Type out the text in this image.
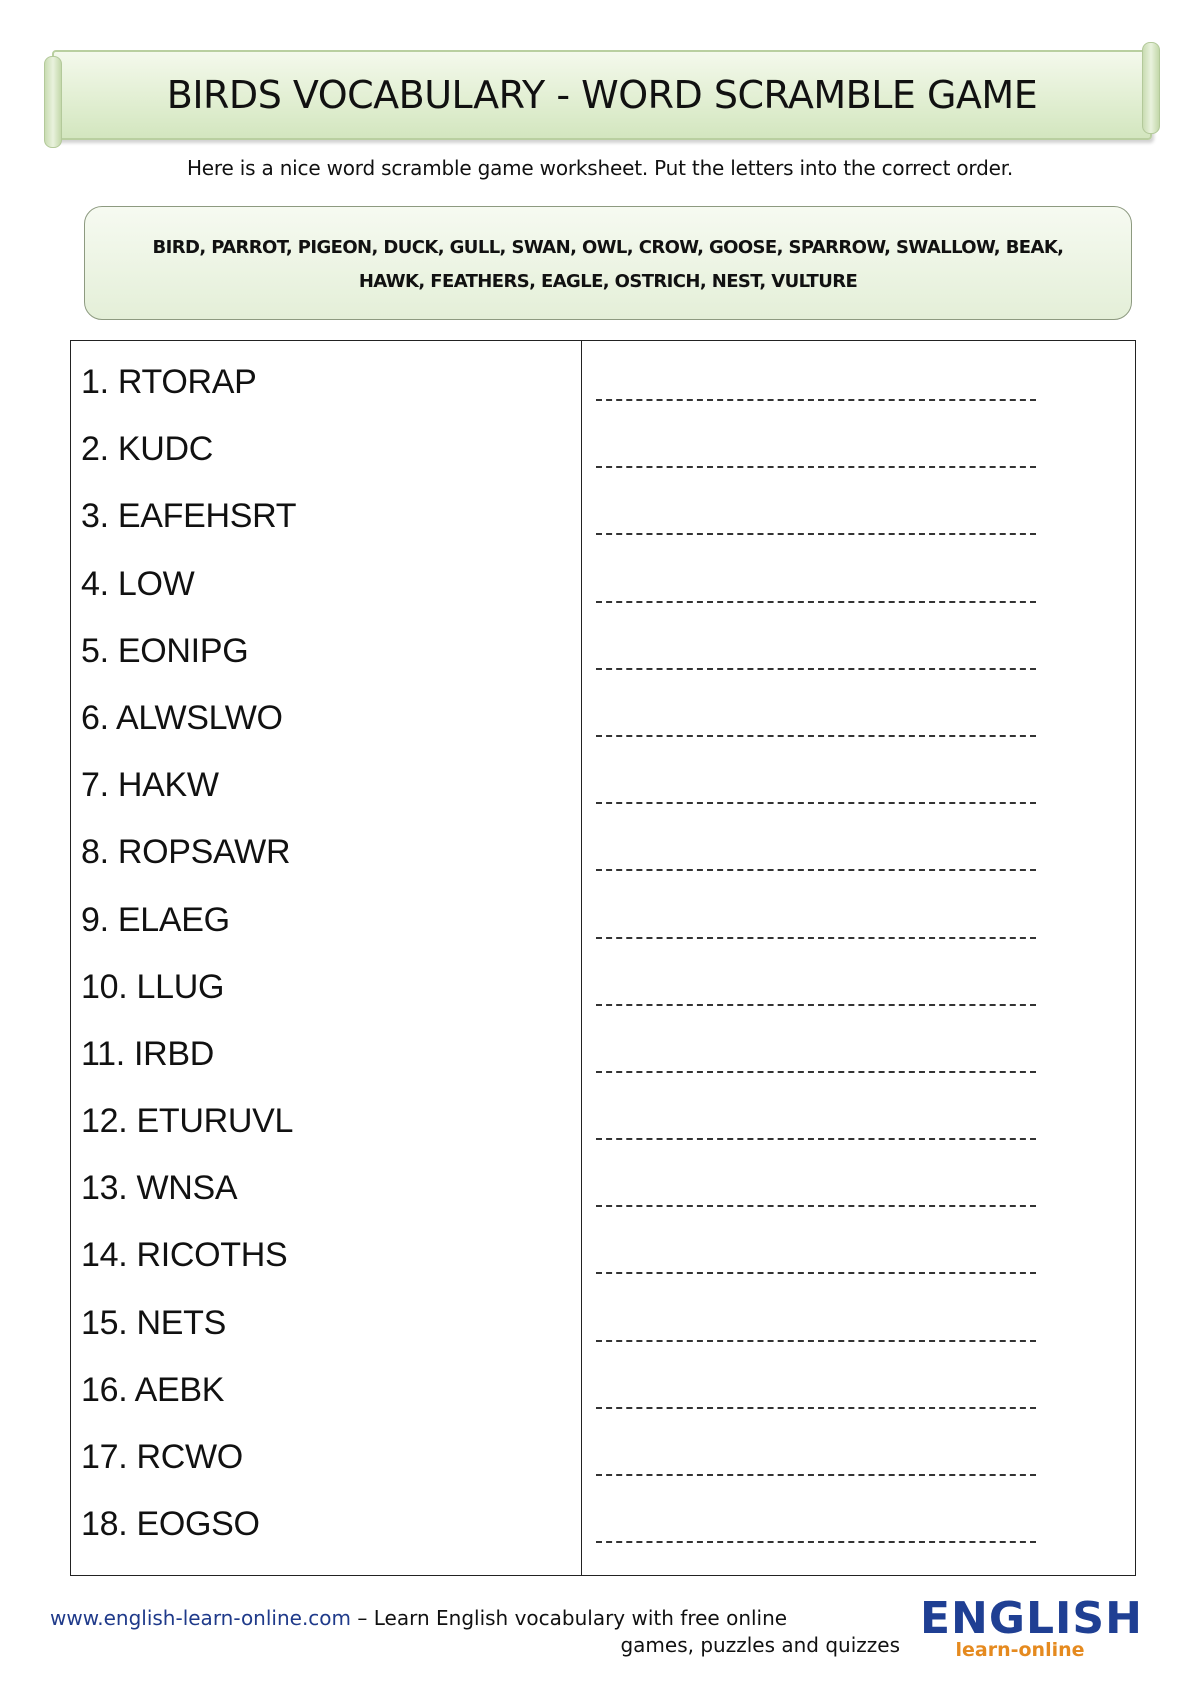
BIRDS VOCABULARY - WORD SCRAMBLE GAME
Here is a nice word scramble game worksheet. Put the letters into the correct order.
BIRD, PARROT, PIGEON, DUCK, GULL, SWAN, OWL, CROW, GOOSE, SPARROW, SWALLOW, BEAK,
HAWK, FEATHERS, EAGLE, OSTRICH, NEST, VULTURE
1. RTORAP
2. KUDC
3. EAFEHSRT
4. LOW
5. EONIPG
6. ALWSLWO
7. HAKW
8. ROPSAWR
9. ELAEG
10. LLUG
11. IRBD
12. ETURUVL
13. WNSA
14. RICOTHS
15. NETS
16. AEBK
17. RCWO
18. EOGSO
www.english-learn-online.com – Learn English vocabulary with free online
games, puzzles and quizzes
ENGLISH
learn-online
